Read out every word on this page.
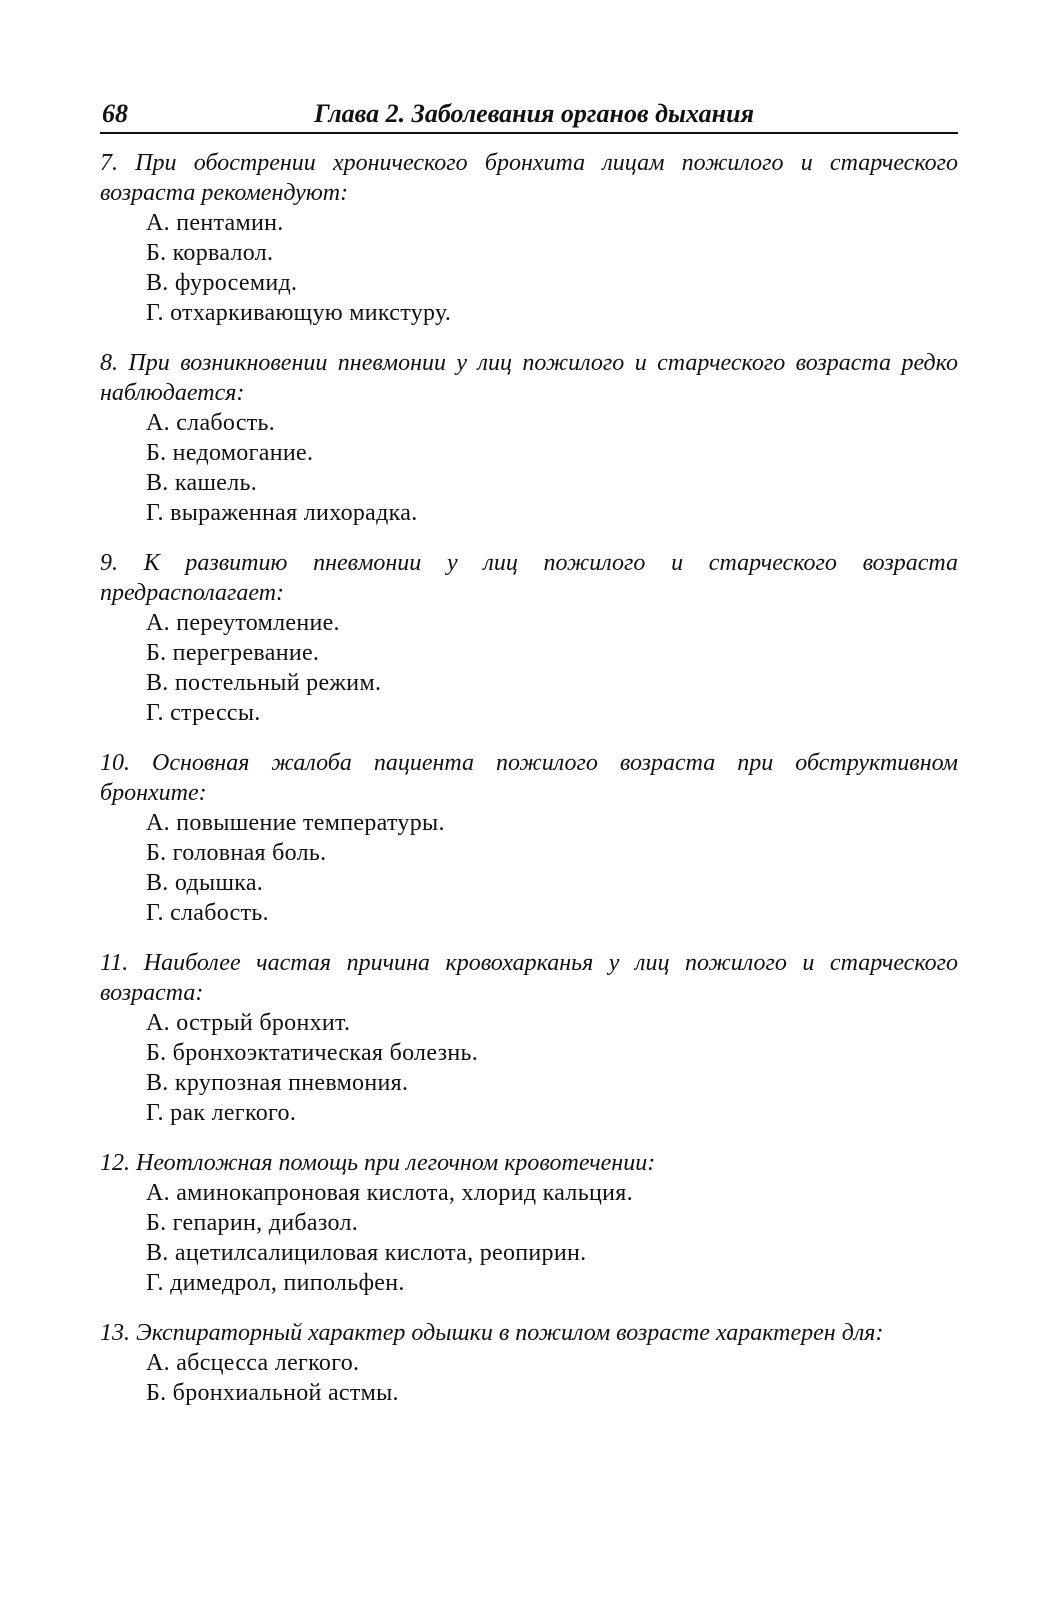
68	Глава 2. Заболевания органов дыхания

7. При обострении хронического бронхита лицам пожилого и старческого возраста рекомендуют:

А. пентамин.
Б. корвалол.
В. фуросемид.
Г. отхаркивающую микстуру.

8. При возникновении пневмонии у лиц пожилого и старческого возраста редко наблюдается:

А. слабость.
Б. недомогание.
В. кашель.
Г. выраженная лихорадка.

9. К развитию пневмонии у лиц пожилого и старческого возраста предрасполагает:

А. переутомление.
Б. перегревание.
В. постельный режим.
Г. стрессы.

10. Основная жалоба пациента пожилого возраста при обструктивном бронхите:

А. повышение температуры.
Б. головная боль.
В. одышка.
Г. слабость.

11. Наиболее частая причина кровохарканья у лиц пожилого и старческого возраста:

А. острый бронхит.
Б. бронхоэктатическая болезнь.
В. крупозная пневмония.
Г. рак легкого.

12. Неотложная помощь при легочном кровотечении:

А. аминокапроновая кислота, хлорид кальция.
Б. гепарин, дибазол.
В. ацетилсалициловая кислота, реопирин.
Г. димедрол, пипольфен.

13. Экспираторный характер одышки в пожилом возрасте характерен для:

А. абсцесса легкого.
Б. бронхиальной астмы.
